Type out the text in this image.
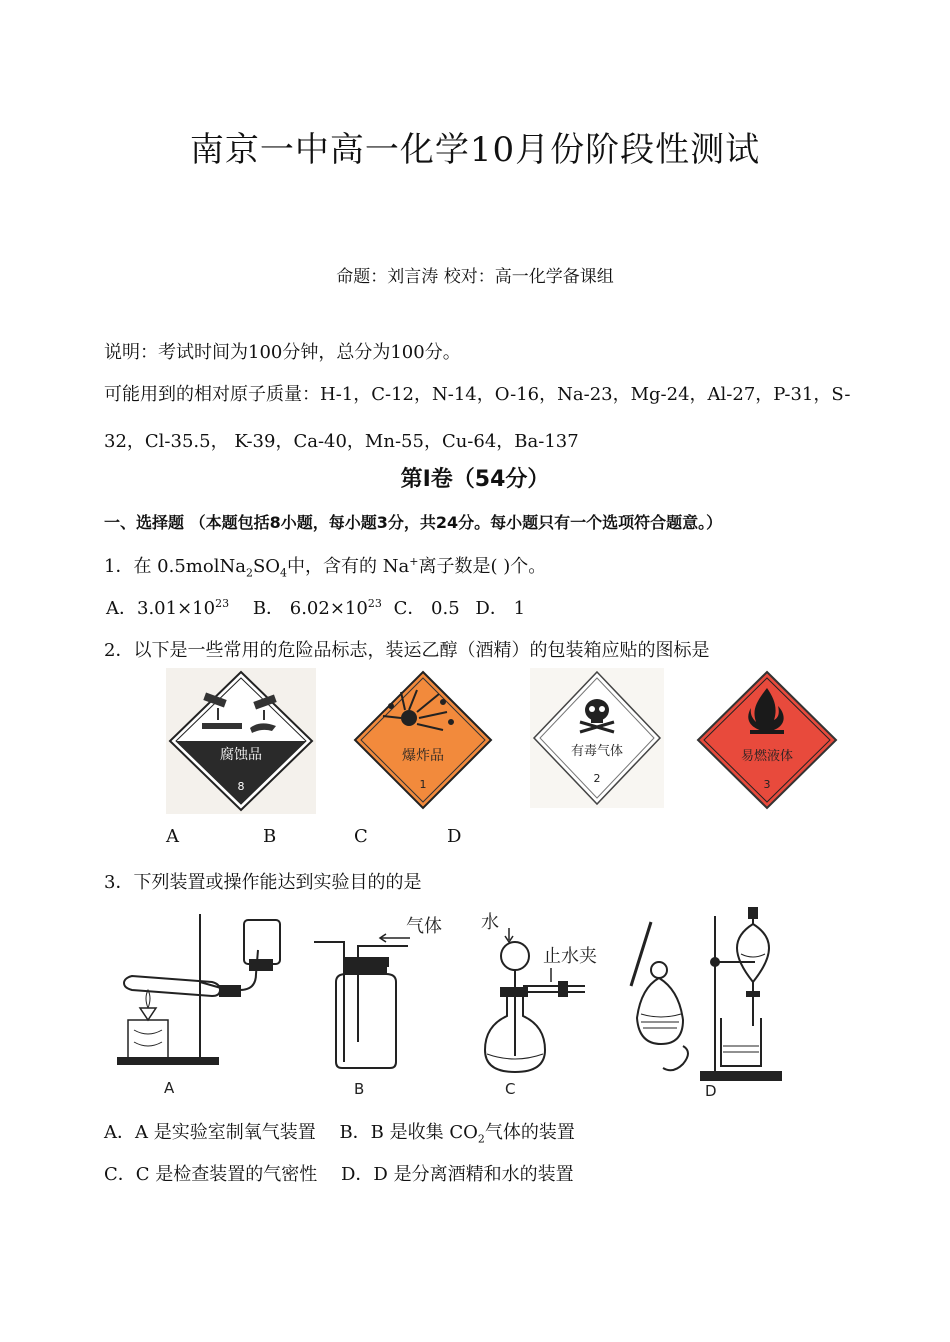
南京一中高一化学10月份阶段性测试
命题：刘言涛 校对：高一化学备课组
说明：考试时间为100分钟，总分为100分。
可能用到的相对原子质量：H-1，C-12，N-14，O-16，Na-23，Mg-24，Al-27，P-31，S-
32，Cl-35.5， K-39，Ca-40，Mn-55，Cu-64，Ba-137
第Ⅰ卷（54分）
一、选择题 （本题包括8小题，每小题3分，共24分。每小题只有一个选项符合题意。）
1．在 $0.5molNa_2SO_4$中，含有的 Na+离子数是( )个。
A．$3.01\times 10^{23}$ B． $6.02\times 10^{23}$ C． 0.5 D． 1
2．以下是一些常用的危险品标志，装运乙醇（酒精）的包装箱应贴的图标是
腐蚀品
8
爆炸品
1
有毒气体
2
易燃液体
3
A	B	C	D
3．下列装置或操作能达到实验目的的是
A
气体
B
水
止水夹
C	D
A．A 是实验室制氧气装置 B．B 是收集 $CO_2$气体的装置
C．C 是检查装置的气密性 D．D 是分离酒精和水的装置
